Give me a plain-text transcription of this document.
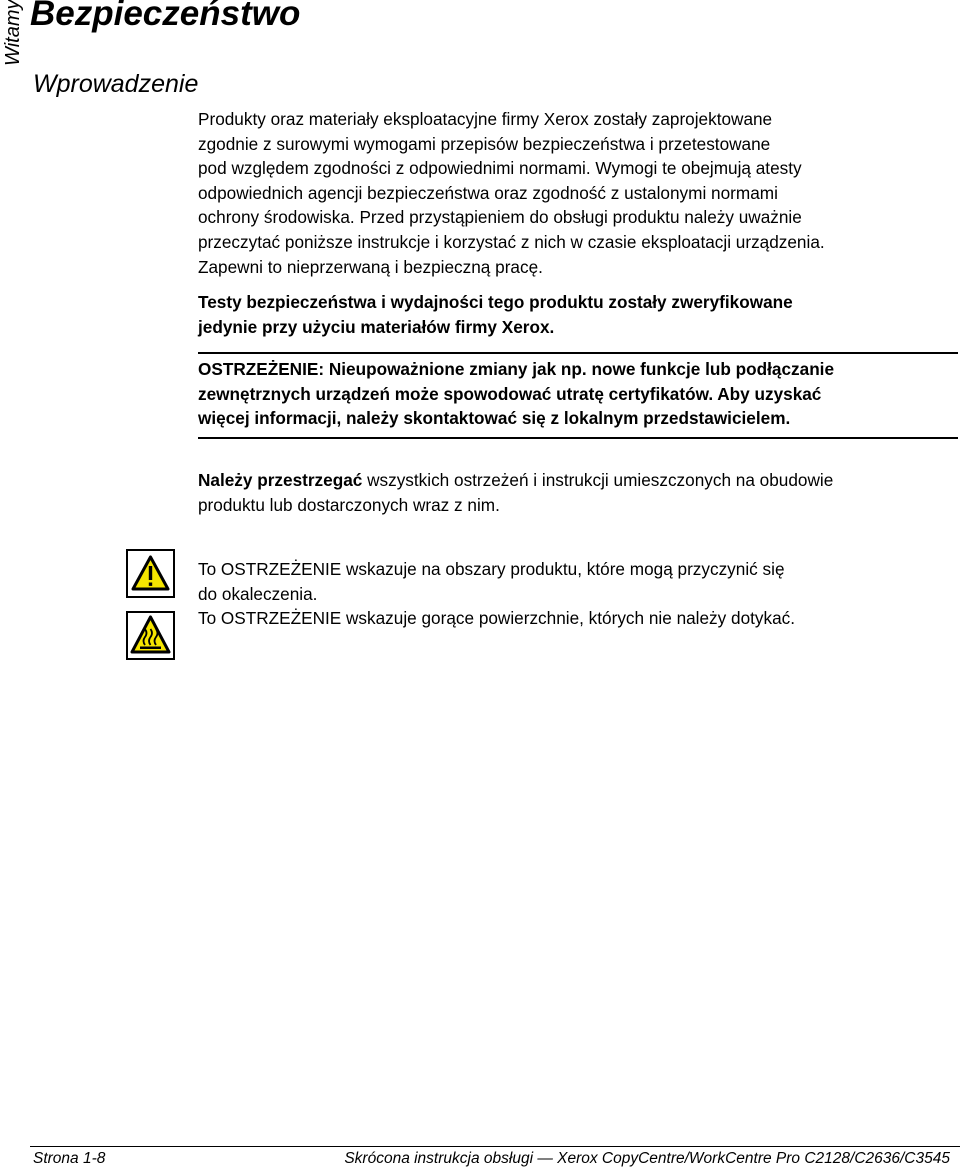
Witamy Bezpieczeństwo
Wprowadzenie
Produkty oraz materiały eksploatacyjne firmy Xerox zostały zaprojektowane
zgodnie z surowymi wymogami przepisów bezpieczeństwa i przetestowane
pod względem zgodności z odpowiednimi normami. Wymogi te obejmują atesty
odpowiednich agencji bezpieczeństwa oraz zgodność z ustalonymi normami
ochrony środowiska. Przed przystąpieniem do obsługi produktu należy uważnie
przeczytać poniższe instrukcje i korzystać z nich w czasie eksploatacji urządzenia.
Zapewni to nieprzerwaną i bezpieczną pracę.
Testy bezpieczeństwa i wydajności tego produktu zostały zweryfikowane
jedynie przy użyciu materiałów firmy Xerox.
OSTRZEŻENIE: Nieupoważnione zmiany jak np. nowe funkcje lub podłączanie
zewnętrznych urządzeń może spowodować utratę certyfikatów. Aby uzyskać
więcej informacji, należy skontaktować się z lokalnym przedstawicielem.
Należy przestrzegać wszystkich ostrzeżeń i instrukcji umieszczonych na obudowie
produktu lub dostarczonych wraz z nim.
To OSTRZEŻENIE wskazuje na obszary produktu, które mogą przyczynić się
do okaleczenia.
To OSTRZEŻENIE wskazuje gorące powierzchnie, których nie należy dotykać.
Strona 1-8	Skrócona instrukcja obsługi — Xerox CopyCentre/WorkCentre Pro C2128/C2636/C3545
